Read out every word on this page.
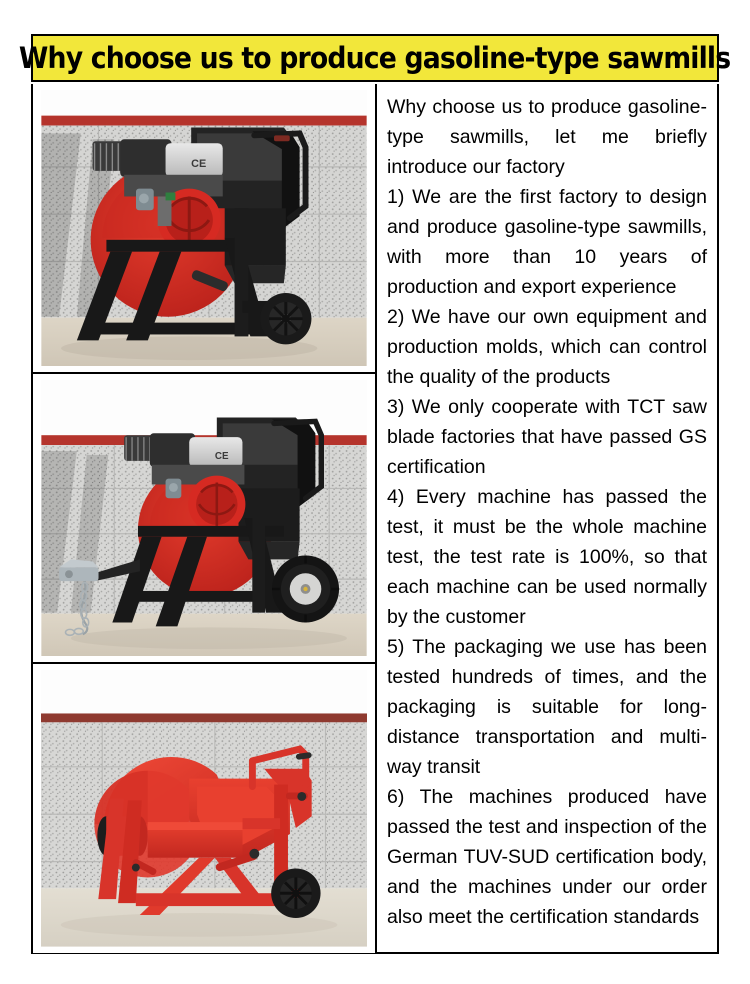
Why choose us to produce gasoline-type sawmills
CE
CE

Why choose us to produce gasoline-type sawmills, let me briefly introduce our factory

1) We are the first factory to design and produce gasoline-type sawmills, with more than 10 years of production and export experience

2) We have our own equipment and production molds, which can control the quality of the products

3) We only cooperate with TCT saw blade factories that have passed GS certification

4) Every machine has passed the test, it must be the whole machine test, the test rate is 100%, so that each machine can be used normally by the customer

5) The packaging we use has been tested hundreds of times, and the packaging is suitable for long-distance transportation and multi-way transit

6) The machines produced have passed the test and inspection of the German TUV-SUD certification body, and the machines under our order also meet the certification standards
